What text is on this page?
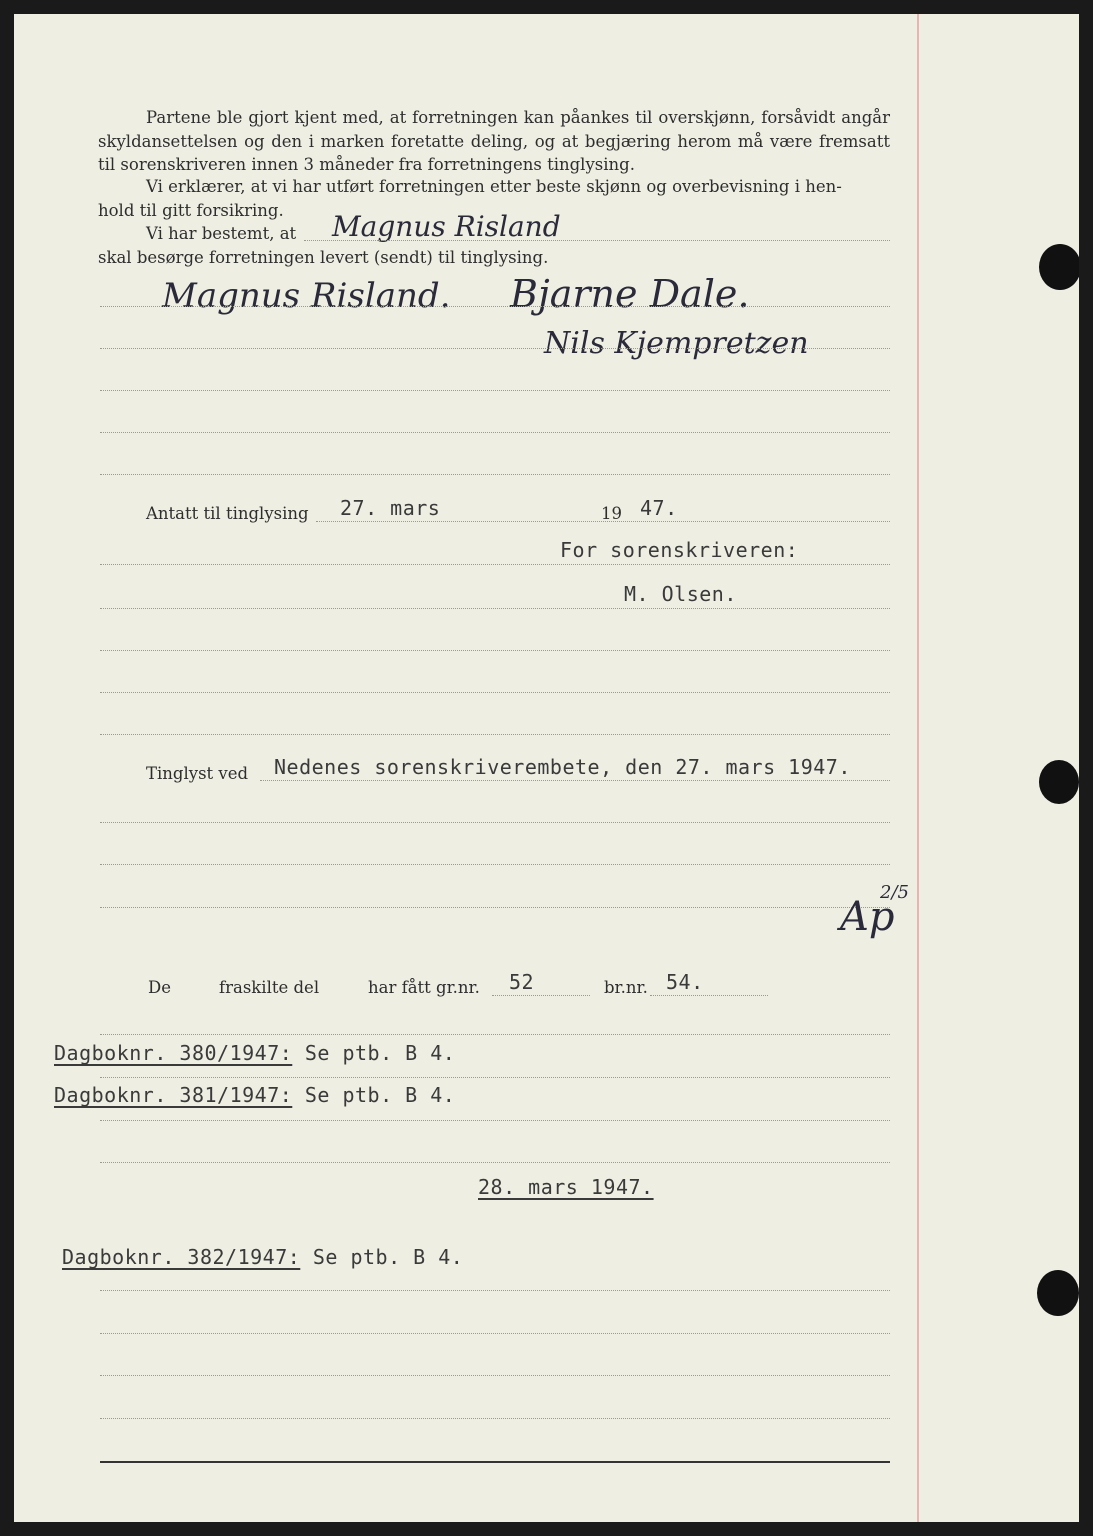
Partene ble gjort kjent med, at forretningen kan påankes til overskjønn, forsåvidt angår skyldansettelsen og den i marken foretatte deling, og at begjæring herom må være fremsatt til sorenskriveren innen 3 måneder fra forretningens tinglysing.
Vi erklærer, at vi har utført forretningen etter beste skjønn og overbevisning i hen-
hold til gitt forsikring.
Vi har bestemt, at Magnus Risland
skal besørge forretningen levert (sendt) til tinglysing.
Magnus Risland. Bjarne Dale.
Nils Kjempretzen
Antatt til tinglysing 27. mars	19 47.
For sorenskriveren:
M. Olsen.
Tinglyst ved Nedenes sorenskriverembete, den 27. mars 1947.
Ap
2/5
De	fraskilte del	har fått gr.nr. 52	br.nr. 54.
Dagboknr. 380/1947: Se ptb. B 4.
Dagboknr. 381/1947: Se ptb. B 4.
28. mars 1947.
Dagboknr. 382/1947: Se ptb. B 4.
